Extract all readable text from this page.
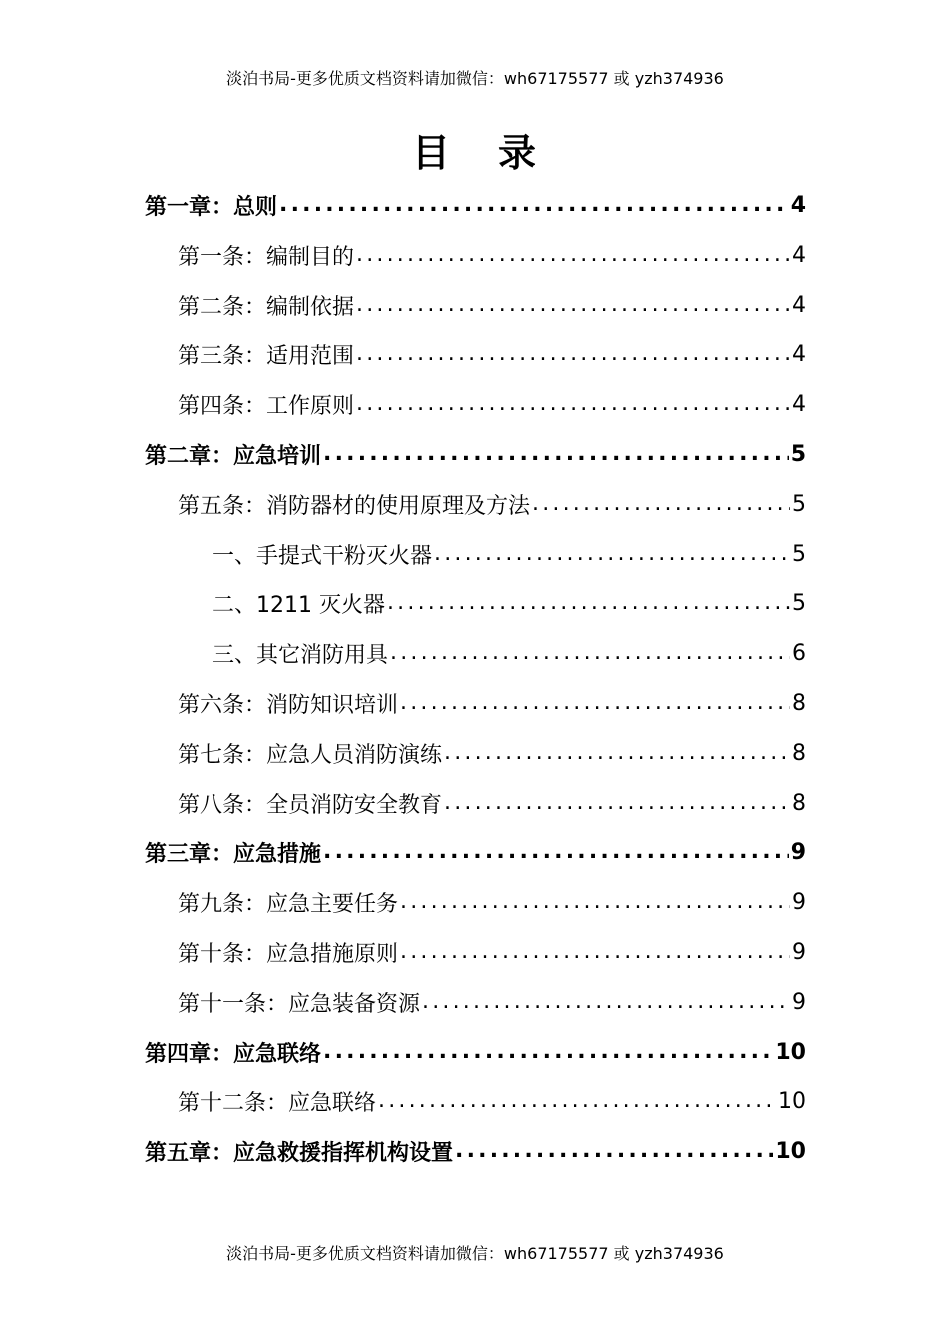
淡泊书局-更多优质文档资料请加微信：wh67175577 或 yzh374936
目 录
第一章：总则 .....	4
第一条：编制目的 .....	4
第二条：编制依据 .....	4
第三条：适用范围 .....	4
第四条：工作原则 .....	4
第二章：应急培训 .....	5
第五条：消防器材的使用原理及方法 .....	5
一、手提式干粉灭火器 .....	5
二、1211 灭火器 .....	5
三、其它消防用具 .....	6
第六条：消防知识培训 .....	8
第七条：应急人员消防演练 .....	8
第八条：全员消防安全教育 .....	8
第三章：应急措施 .....	9
第九条：应急主要任务 .....	9
第十条：应急措施原则 .....	9
第十一条：应急装备资源 .....	9
第四章：应急联络 .....	10
第十二条：应急联络 .....	10
第五章：应急救援指挥机构设置 .....	10
淡泊书局-更多优质文档资料请加微信：wh67175577 或 yzh374936
